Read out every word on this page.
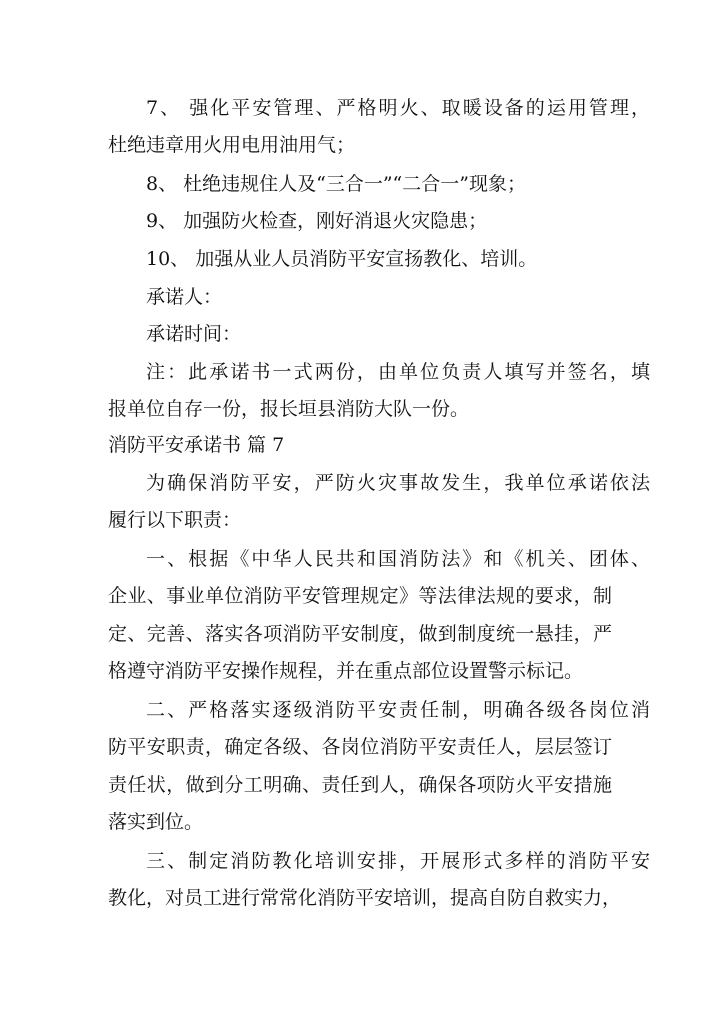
7、 强化平安管理、严格明火、取暖设备的运用管理，
杜绝违章用火用电用油用气；
8、 杜绝违规住人及“三合一”“二合一”现象；
9、 加强防火检查，刚好消退火灾隐患；
10、 加强从业人员消防平安宣扬教化、培训。
承诺人：
承诺时间：
注：此承诺书一式两份，由单位负责人填写并签名，填
报单位自存一份，报长垣县消防大队一份。
消防平安承诺书 篇 7
为确保消防平安，严防火灾事故发生，我单位承诺依法
履行以下职责：
一、根据《中华人民共和国消防法》和《机关、团体、
企业、事业单位消防平安管理规定》等法律法规的要求，制
定、完善、落实各项消防平安制度，做到制度统一悬挂，严
格遵守消防平安操作规程，并在重点部位设置警示标记。
二、严格落实逐级消防平安责任制，明确各级各岗位消
防平安职责，确定各级、各岗位消防平安责任人，层层签订
责任状，做到分工明确、责任到人，确保各项防火平安措施
落实到位。
三、制定消防教化培训安排，开展形式多样的消防平安
教化，对员工进行常常化消防平安培训，提高自防自救实力，
